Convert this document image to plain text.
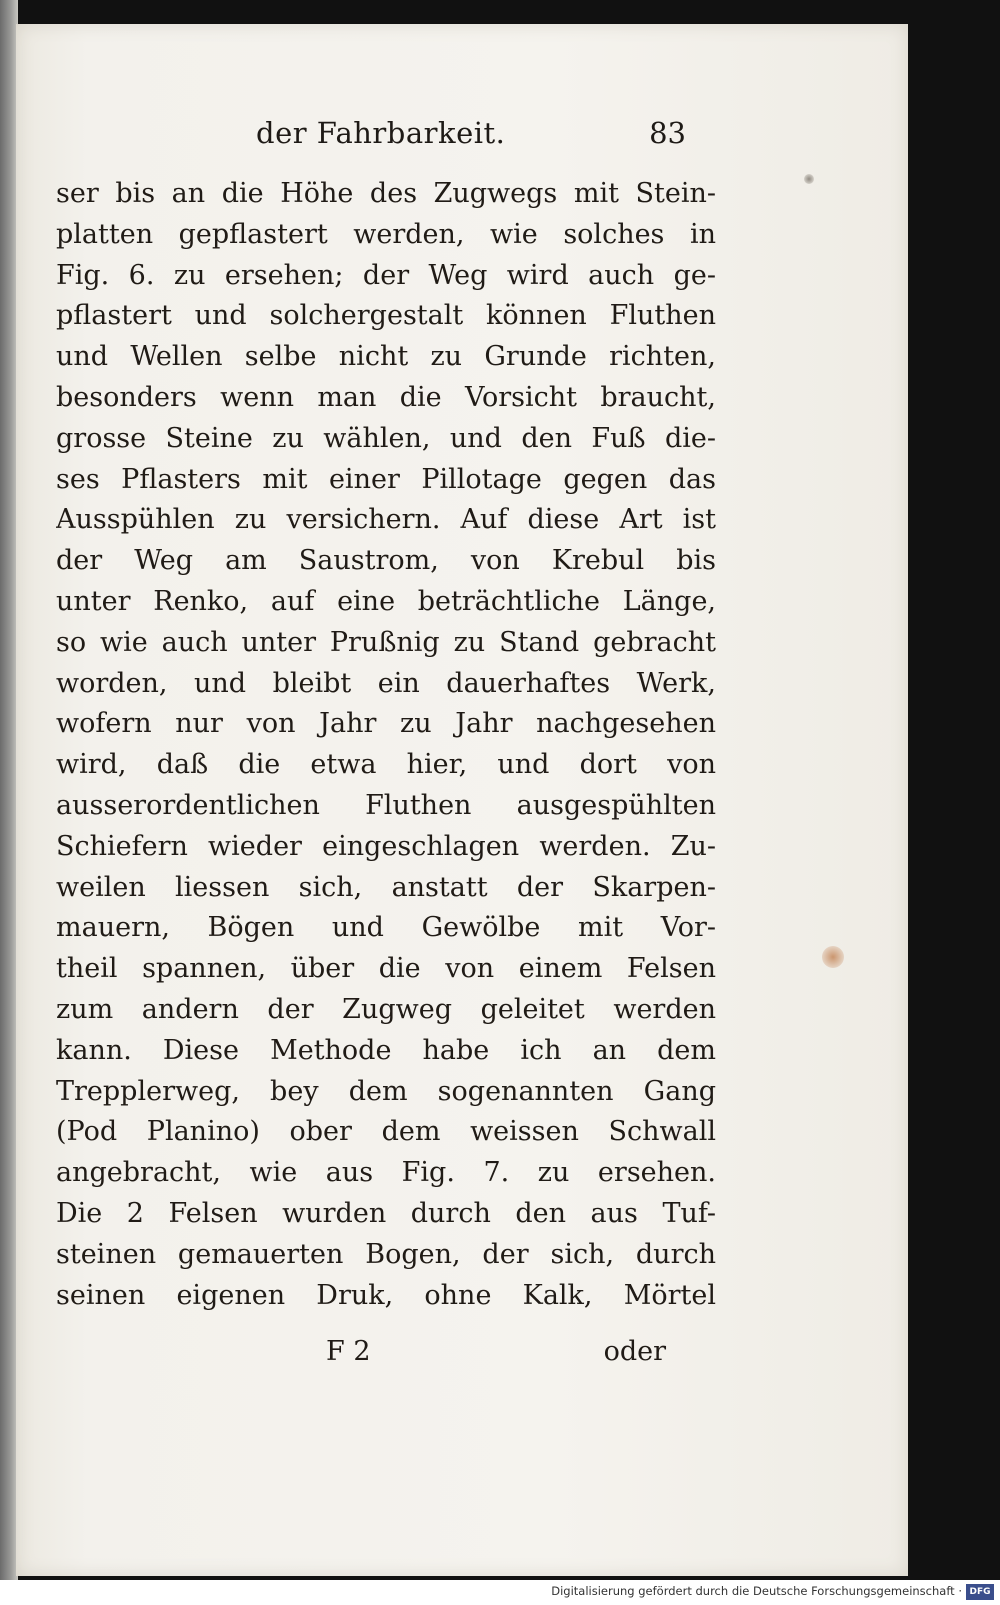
der Fahrbarkeit.	83
ser bis an die Höhe des Zugwegs mit Stein-
platten gepflastert werden, wie solches in
Fig. 6. zu ersehen; der Weg wird auch ge-
pflastert und solchergestalt können Fluthen
und Wellen selbe nicht zu Grunde richten,
besonders wenn man die Vorsicht braucht,
grosse Steine zu wählen, und den Fuß die-
ses Pflasters mit einer Pillotage gegen das
Ausspühlen zu versichern. Auf diese Art ist
der Weg am Saustrom, von Krebul bis
unter Renko, auf eine beträchtliche Länge,
so wie auch unter Prußnig zu Stand gebracht
worden, und bleibt ein dauerhaftes Werk,
wofern nur von Jahr zu Jahr nachgesehen
wird, daß die etwa hier, und dort von
ausserordentlichen Fluthen ausgespühlten
Schiefern wieder eingeschlagen werden. Zu-
weilen liessen sich, anstatt der Skarpen-
mauern, Bögen und Gewölbe mit Vor-
theil spannen, über die von einem Felsen
zum andern der Zugweg geleitet werden
kann. Diese Methode habe ich an dem
Trepplerweg, bey dem sogenannten Gang
(Pod Planino) ober dem weissen Schwall
angebracht, wie aus Fig. 7. zu ersehen.
Die 2 Felsen wurden durch den aus Tuf-
steinen gemauerten Bogen, der sich, durch
seinen eigenen Druk, ohne Kalk, Mörtel
F 2	oder
Digitalisierung gefördert durch die Deutsche Forschungsgemeinschaft · DFG
